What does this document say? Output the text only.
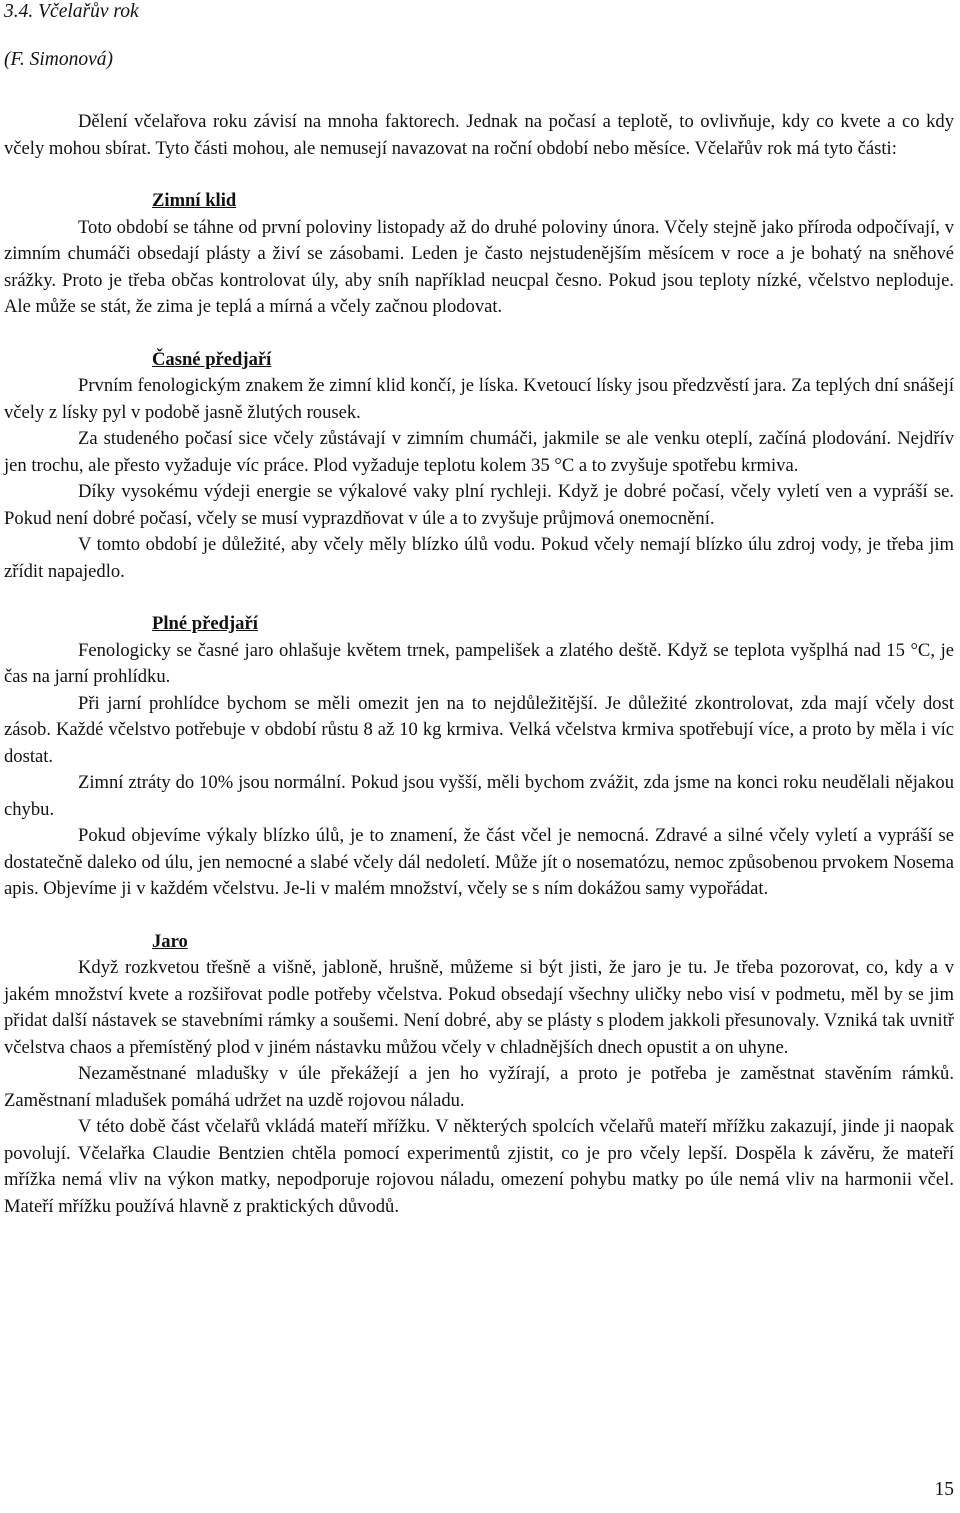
3.4. Včelařův rok
(F. Simonová)

Dělení včelařova roku závisí na mnoha faktorech. Jednak na počasí a teplotě, to ovlivňuje, kdy co kvete a co kdy včely mohou sbírat. Tyto části mohou, ale nemusejí navazovat na roční období nebo měsíce. Včelařův rok má tyto části:

Zimní klid

Toto období se táhne od první poloviny listopady až do druhé poloviny února. Včely stejně jako příroda odpočívají, v zimním chumáči obsedají plásty a živí se zásobami. Leden je často nejstudenějším měsícem v roce a je bohatý na sněhové srážky. Proto je třeba občas kontrolovat úly, aby sníh například neucpal česno. Pokud jsou teploty nízké, včelstvo neploduje. Ale může se stát, že zima je teplá a mírná a včely začnou plodovat.

Časné předjaří

Prvním fenologickým znakem že zimní klid končí, je líska. Kvetoucí lísky jsou předzvěstí jara. Za teplých dní snášejí včely z lísky pyl v podobě jasně žlutých rousek.

Za studeného počasí sice včely zůstávají v zimním chumáči, jakmile se ale venku oteplí, začíná plodování. Nejdřív jen trochu, ale přesto vyžaduje víc práce. Plod vyžaduje teplotu kolem 35 °C a to zvyšuje spotřebu krmiva.

Díky vysokému výdeji energie se výkalové vaky plní rychleji. Když je dobré počasí, včely vyletí ven a vypráší se. Pokud není dobré počasí, včely se musí vyprazdňovat v úle a to zvyšuje průjmová onemocnění.

V tomto období je důležité, aby včely měly blízko úlů vodu. Pokud včely nemají blízko úlu zdroj vody, je třeba jim zřídit napajedlo.

Plné předjaří

Fenologicky se časné jaro ohlašuje květem trnek, pampelišek a zlatého deště. Když se teplota vyšplhá nad 15 °C, je čas na jarní prohlídku.

Při jarní prohlídce bychom se měli omezit jen na to nejdůležitější. Je důležité zkontrolovat, zda mají včely dost zásob. Každé včelstvo potřebuje v období růstu 8 až 10 kg krmiva. Velká včelstva krmiva spotřebují více, a proto by měla i víc dostat.

Zimní ztráty do 10% jsou normální. Pokud jsou vyšší, měli bychom zvážit, zda jsme na konci roku neudělali nějakou chybu.

Pokud objevíme výkaly blízko úlů, je to znamení, že část včel je nemocná. Zdravé a silné včely vyletí a vypráší se dostatečně daleko od úlu, jen nemocné a slabé včely dál nedoletí. Může jít o nosematózu, nemoc způsobenou prvokem Nosema apis. Objevíme ji v každém včelstvu. Je-li v malém množství, včely se s ním dokážou samy vypořádat.

Jaro

Když rozkvetou třešně a višně, jabloně, hrušně, můžeme si být jisti, že jaro je tu. Je třeba pozorovat, co, kdy a v jakém množství kvete a rozšiřovat podle potřeby včelstva. Pokud obsedají všechny uličky nebo visí v podmetu, měl by se jim přidat další nástavek se stavebními rámky a soušemi. Není dobré, aby se plásty s plodem jakkoli přesunovaly. Vzniká tak uvnitř včelstva chaos a přemístěný plod v jiném nástavku můžou včely v chladnějších dnech opustit a on uhyne.

Nezaměstnané mladušky v úle překážejí a jen ho vyžírají, a proto je potřeba je zaměstnat stavěním rámků. Zaměstnaní mladušek pomáhá udržet na uzdě rojovou náladu.

V této době část včelařů vkládá mateří mřížku. V některých spolcích včelařů mateří mřížku zakazují, jinde ji naopak povolují. Včelařka Claudie Bentzien chtěla pomocí experimentů zjistit, co je pro včely lepší. Dospěla k závěru, že mateří mřížka nemá vliv na výkon matky, nepodporuje rojovou náladu, omezení pohybu matky po úle nemá vliv na harmonii včel. Mateří mřížku používá hlavně z praktických důvodů.

15
